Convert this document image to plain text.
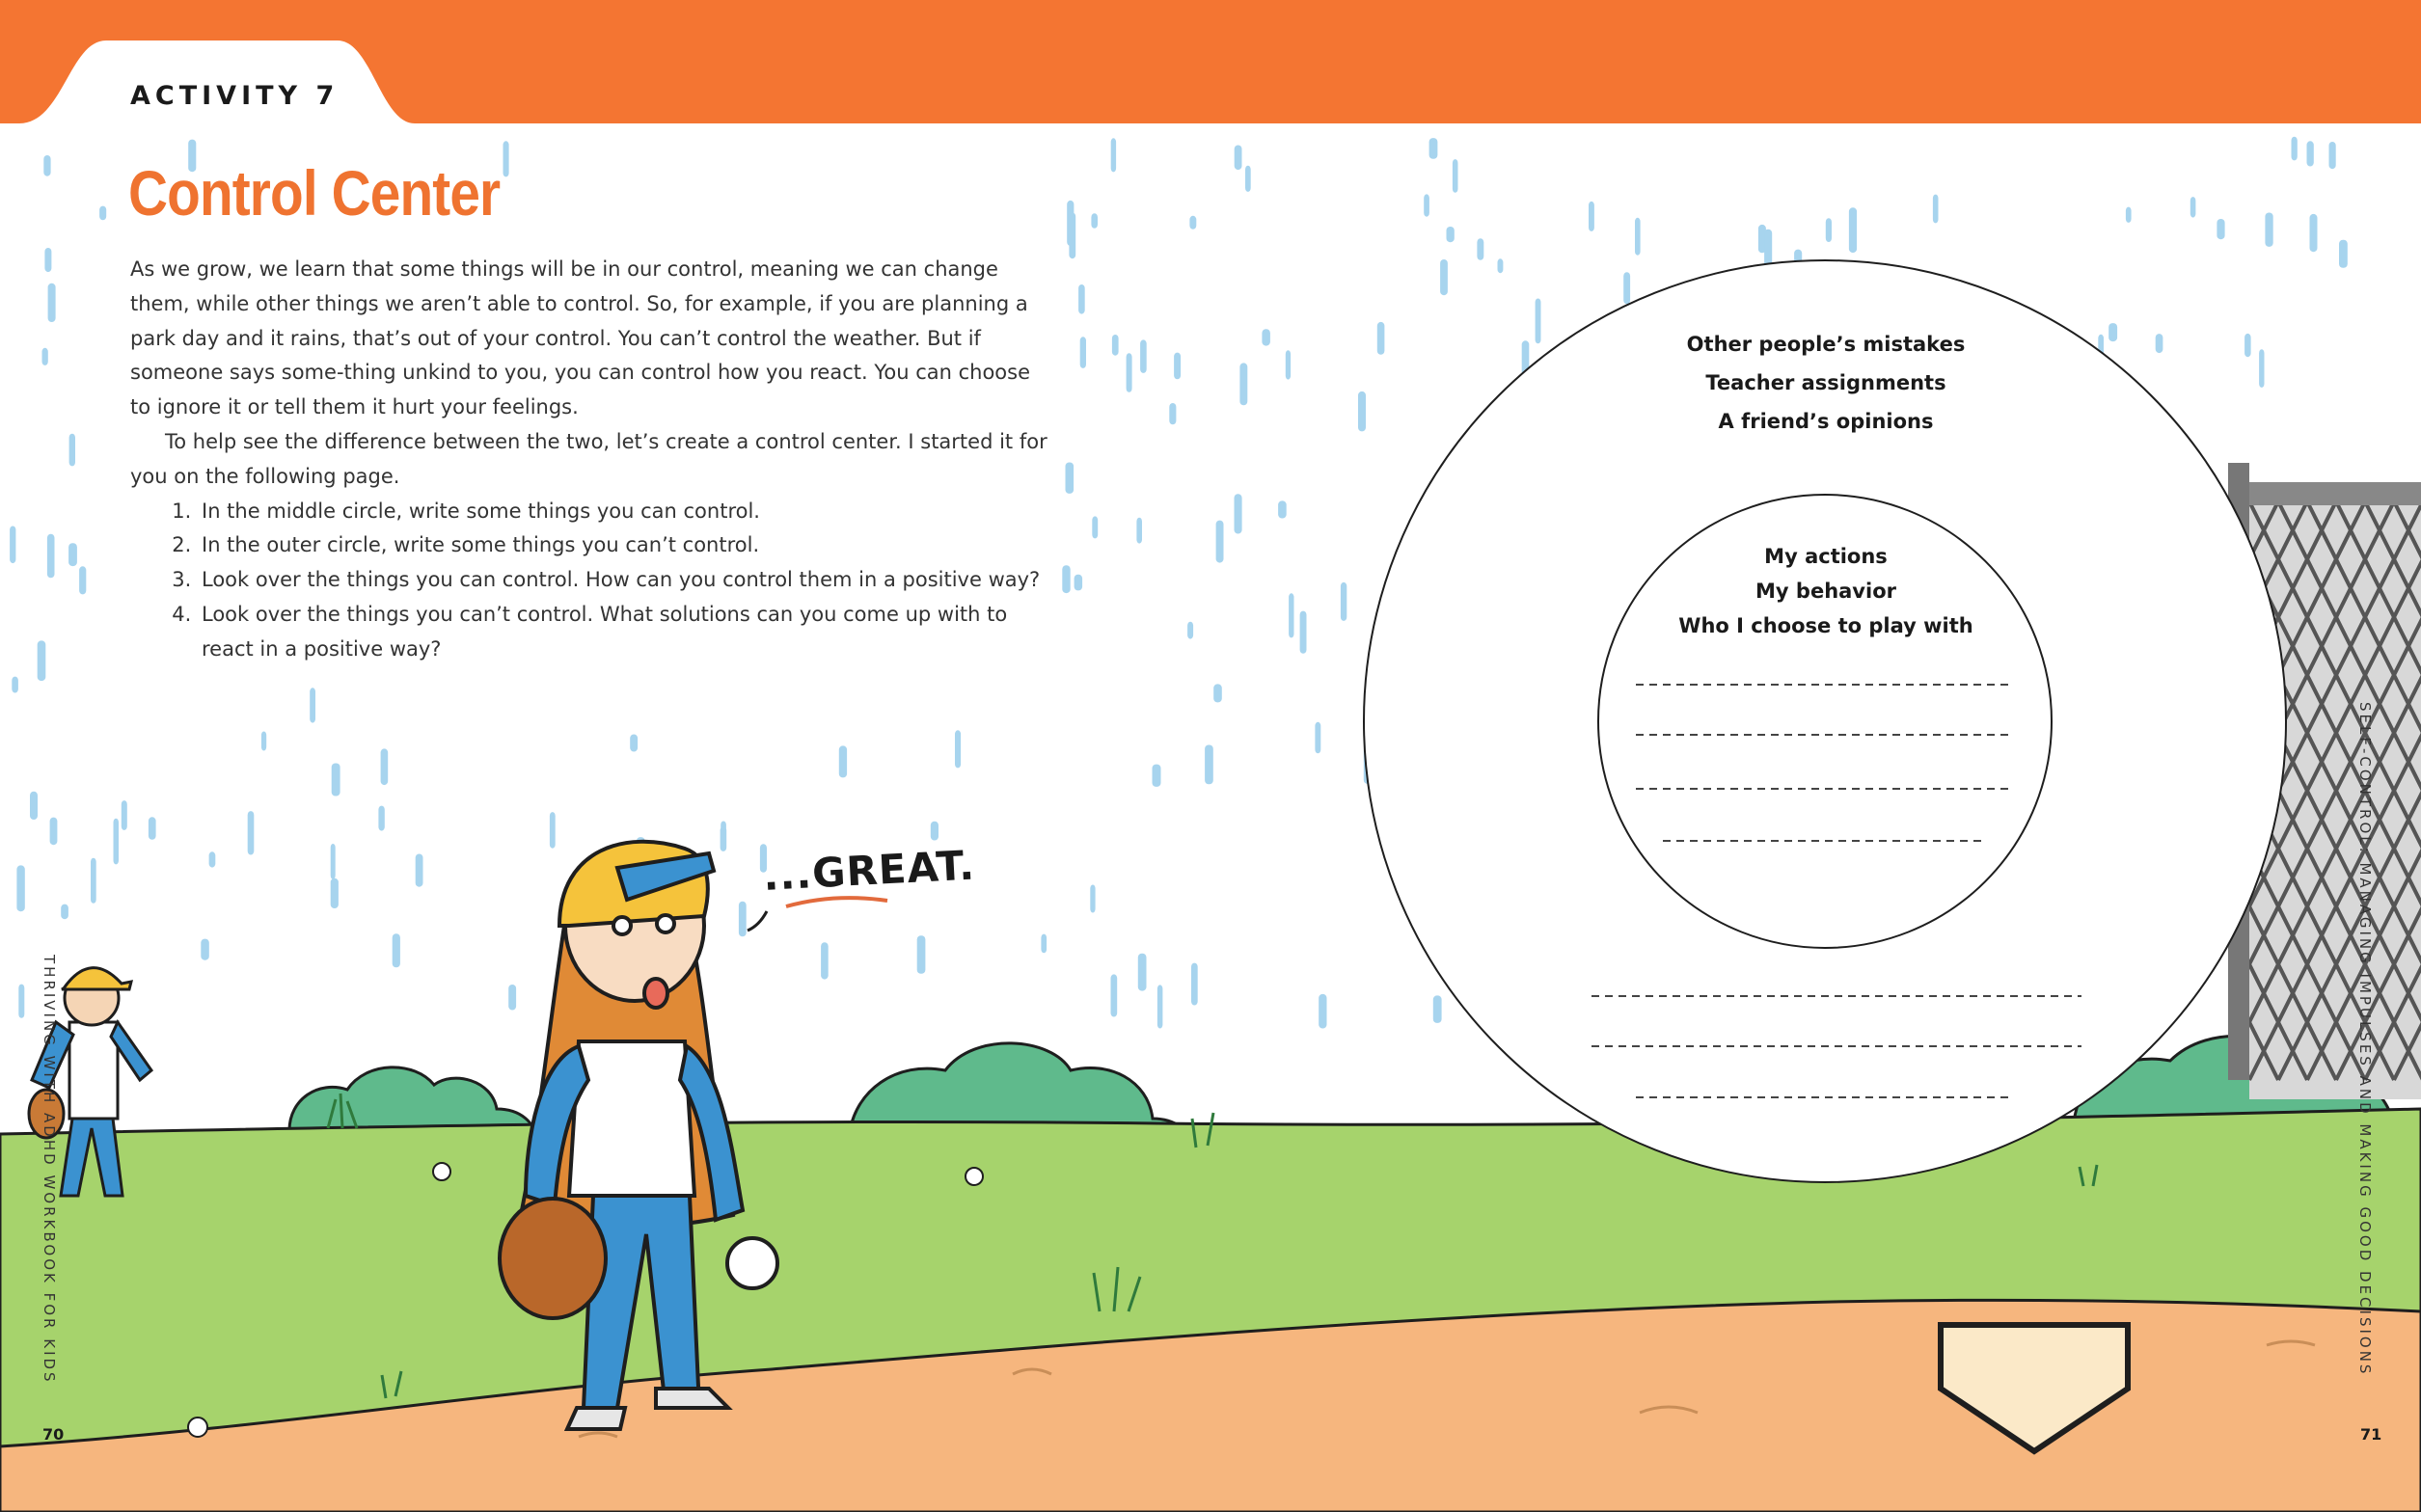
ACTIVITY 7
Control Center

As we grow, we learn that some things will be in our control, meaning we can change them, while other things we aren’t able to control. So, for example, if you are planning a park day and it rains, that’s out of your control. You can’t control the weather. But if someone says some-thing unkind to you, you can control how you react. You can choose to ignore it or tell them it hurt your feelings.

To help see the difference between the two, let’s create a control center. I started it for you on the following page.

1. In the middle circle, write some things you can control.
2. In the outer circle, write some things you can’t control.
3. Look over the things you can control. How can you control them in a positive way?
4. Look over the things you can’t control. What solutions can you come up with to react in a positive way?
Other people’s mistakes
Teacher assignments
A friend’s opinions
My actions
My behavior
Who I choose to play with
...GREAT.
THRIVING WITH ADHD WORKBOOK FOR KIDS
70
SELF-CONTROL: MANAGING IMPULSES AND MAKING GOOD DECISIONS
71
